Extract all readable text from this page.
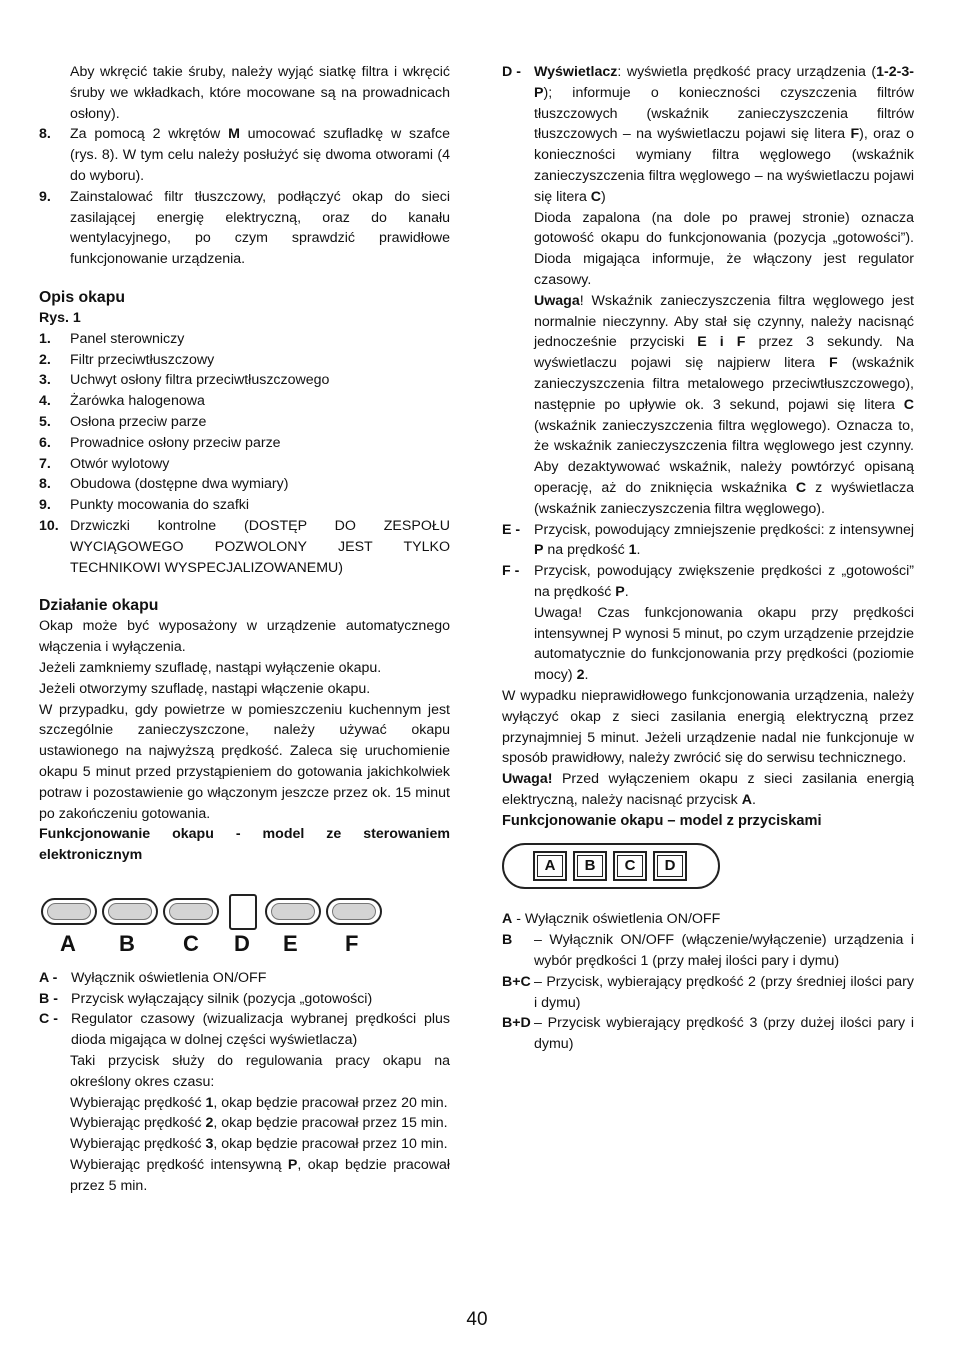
Aby wkręcić takie śruby, należy wyjąć siatkę filtra i wkręcić śruby we wkładkach, które mocowane są na prowadnicach osłony).
8. Za pomocą 2 wkrętów M umocować szufladkę w szafce (rys. 8). W tym celu należy posłużyć się dwoma otworami (4 do wyboru).
9. Zainstalować filtr tłuszczowy, podłączyć okap do sieci zasilającej energię elektryczną, oraz do kanału wentylacyjnego, po czym sprawdzić prawidłowe funkcjonowanie urządzenia.
Opis okapu
Rys. 1
1. Panel sterowniczy
2. Filtr przeciwtłuszczowy
3. Uchwyt osłony filtra przeciwtłuszczowego
4. Żarówka halogenowa
5. Osłona przeciw parze
6. Prowadnice osłony przeciw parze
7. Otwór wylotowy
8. Obudowa (dostępne dwa wymiary)
9. Punkty mocowania do szafki
10. Drzwiczki kontrolne (DOSTĘP DO ZESPOŁU WYCIĄGOWEGO POZWOLONY JEST TYLKO TECHNIKOWI WYSPECJALIZOWANEMU)
Działanie okapu
Okap może być wyposażony w urządzenie automatycznego włączenia i wyłączenia.
Jeżeli zamkniemy szufladę, nastąpi wyłączenie okapu.
Jeżeli otworzymy szufladę, nastąpi włączenie okapu.
W przypadku, gdy powietrze w pomieszczeniu kuchennym jest szczególnie zanieczyszczone, należy używać okapu ustawionego na najwyższą prędkość. Zaleca się uruchomienie okapu 5 minut przed przystąpieniem do gotowania jakichkolwiek potraw i pozostawienie go włączonym jeszcze przez ok. 15 minut po zakończeniu gotowania.
Funkcjonowanie okapu - model ze sterowaniem elektronicznym
A B C D E F
A - Wyłącznik oświetlenia ON/OFF
B - Przycisk wyłączający silnik (pozycja „gotowości)
C - Regulator czasowy (wizualizacja wybranej prędkości plus dioda migająca w dolnej części wyświetlacza)
Taki przycisk służy do regulowania pracy okapu na określony okres czasu:
Wybierając prędkość 1, okap będzie pracował przez 20 min.
Wybierając prędkość 2, okap będzie pracował przez 15 min.
Wybierając prędkość 3, okap będzie pracował przez 10 min.
Wybierając prędkość intensywną P, okap będzie pracował przez 5 min.
D - Wyświetlacz: wyświetla prędkość pracy urządzenia (1-2-3-P); informuje o konieczności czyszczenia filtrów tłuszczowych (wskaźnik zanieczyszczenia filtrów tłuszczowych – na wyświetlaczu pojawi się litera F), oraz o konieczności wymiany filtra węglowego (wskaźnik zanieczyszczenia filtra węglowego – na wyświetlaczu pojawi się litera C)
Dioda zapalona (na dole po prawej stronie) oznacza gotowość okapu do funkcjonowania (pozycja „gotowości”). Dioda migająca informuje, że włączony jest regulator czasowy.
Uwaga! Wskaźnik zanieczyszczenia filtra węglowego jest normalnie nieczynny. Aby stał się czynny, należy nacisnąć jednocześnie przyciski E i F przez 3 sekundy. Na wyświetlaczu pojawi się najpierw litera F (wskaźnik zanieczyszczenia filtra metalowego przeciwtłuszczowego), następnie po upływie ok. 3 sekund, pojawi się litera C (wskaźnik zanieczyszczenia filtra węglowego). Oznacza to, że wskaźnik zanieczyszczenia filtra węglowego jest czynny. Aby dezaktywować wskaźnik, należy powtórzyć opisaną operację, aż do zniknięcia wskaźnika C z wyświetlacza (wskaźnik zanieczyszczenia filtra węglowego).
E - Przycisk, powodujący zmniejszenie prędkości: z intensywnej P na prędkość 1.
F - Przycisk, powodujący zwiększenie prędkości z „gotowości” na prędkość P.
Uwaga! Czas funkcjonowania okapu przy prędkości intensywnej P wynosi 5 minut, po czym urządzenie przejdzie automatycznie do funkcjonowania przy prędkości (poziomie mocy) 2.
W wypadku nieprawidłowego funkcjonowania urządzenia, należy wyłączyć okap z sieci zasilania energią elektryczną przez przynajmniej 5 minut. Jeżeli urządzenie nadal nie funkcjonuje w sposób prawidłowy, należy zwrócić się do serwisu technicznego.
Uwaga! Przed wyłączeniem okapu z sieci zasilania energią elektryczną, należy nacisnąć przycisk A.
Funkcjonowanie okapu – model z przyciskami
A	B	C	D
A - Wyłącznik oświetlenia ON/OFF
B – Wyłącznik ON/OFF (włączenie/wyłączenie) urządzenia i wybór prędkości 1 (przy małej ilości pary i dymu)
B+C – Przycisk, wybierający prędkość 2 (przy średniej ilości pary i dymu)
B+D – Przycisk wybierający prędkość 3 (przy dużej ilości pary i dymu)
40
